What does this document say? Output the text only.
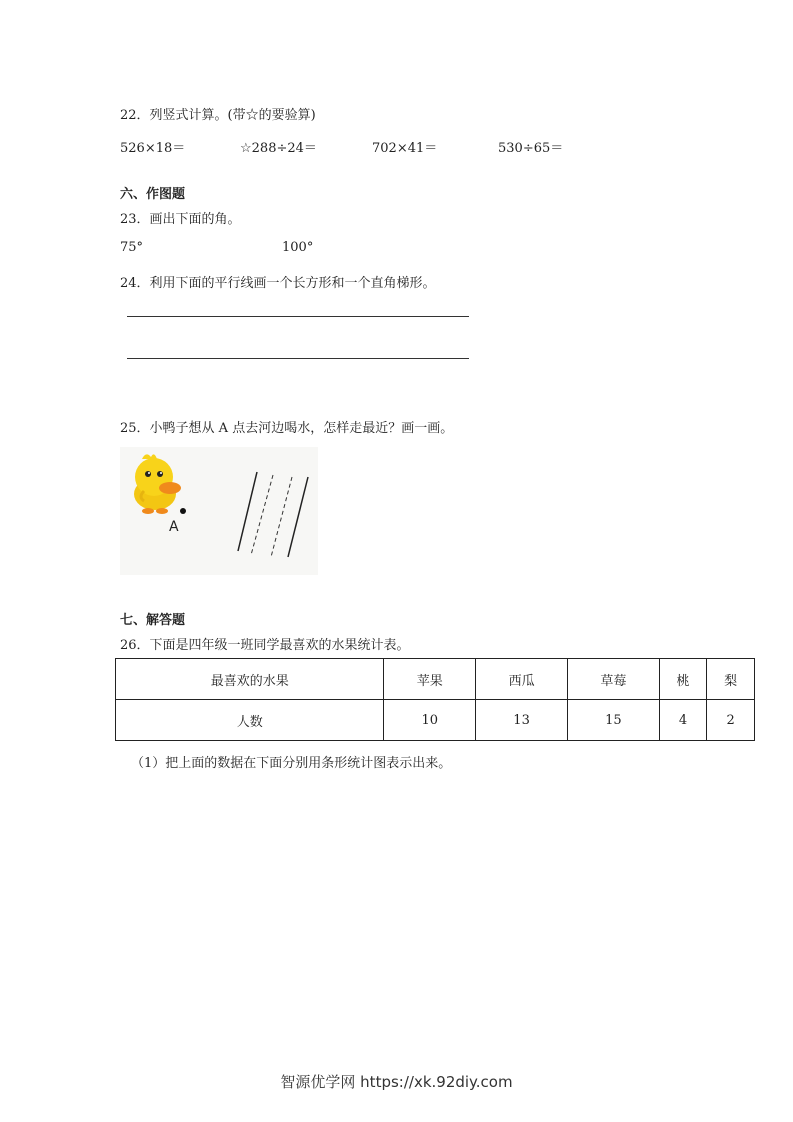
22．列竖式计算。(带☆的要验算)
526×18＝	☆288÷24＝	702×41＝	530÷65＝
六、作图题
23．画出下面的角。
75°	100°
24．利用下面的平行线画一个长方形和一个直角梯形。
25．小鸭子想从 A 点去河边喝水，怎样走最近？画一画。
A
七、解答题
26．下面是四年级一班同学最喜欢的水果统计表。
最喜欢的水果	苹果	西瓜	草莓	桃	梨
人数	10	13	15	4	2
（1）把上面的数据在下面分别用条形统计图表示出来。
智源优学网 https://xk.92diy.com
